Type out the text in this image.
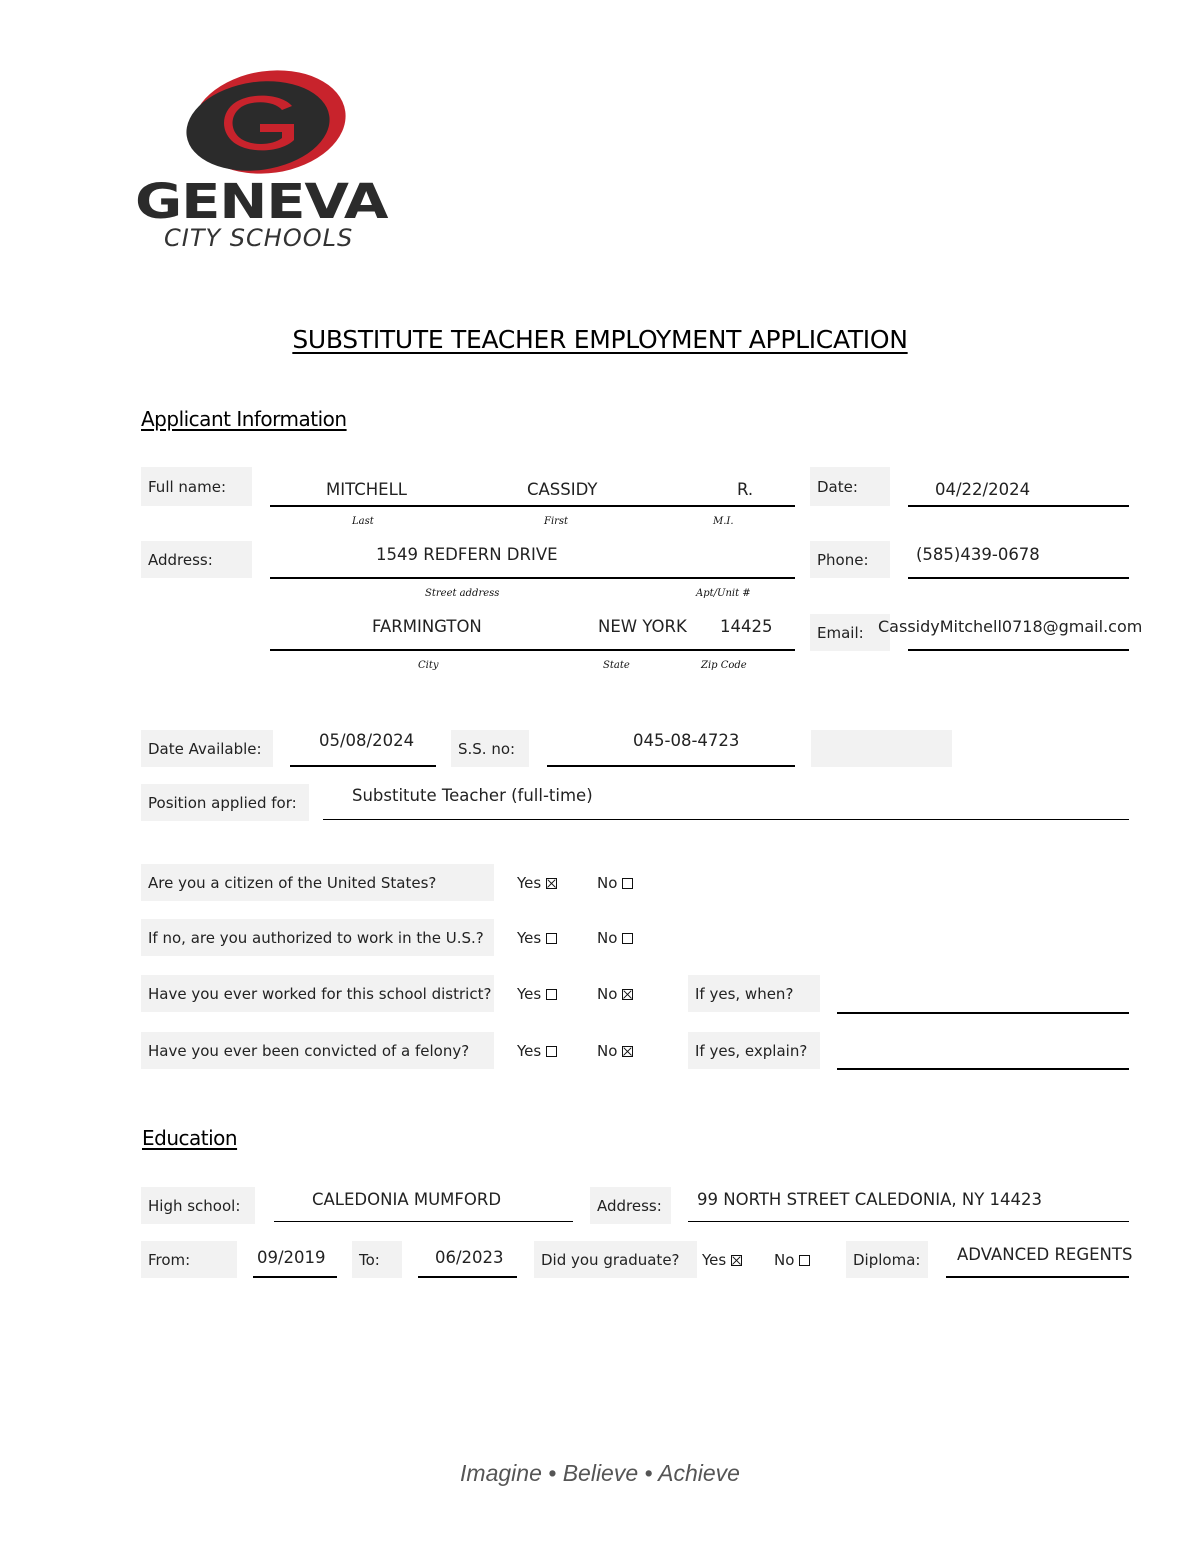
GENEVA
CITY SCHOOLS
SUBSTITUTE TEACHER EMPLOYMENT APPLICATION
Applicant Information
Full name:	MITCHELL	CASSIDY	R.
Last	First	M.I.
Date:	04/22/2024
Address:	1549 REDFERN DRIVE
Street address	Apt/Unit #
Phone:	(585)439-0678
FARMINGTON	NEW YORK 14425
City	State	Zip Code
Email: CassidyMitchell0718@gmail.com
Date Available:	05/08/2024	S.S. no:	045-08-4723
Position applied for:	Substitute Teacher (full-time)
Are you a citizen of the United States?	Yes	No
If no, are you authorized to work in the U.S.?	Yes	No
Have you ever worked for this school district? Yes	No	If yes, when?
Have you ever been convicted of a felony?	Yes	No	If yes, explain?
Education
High school:	CALEDONIA MUMFORD	Address:	99 NORTH STREET CALEDONIA, NY 14423
From:	09/2019	To:	06/2023	Did you graduate?	Yes	No	Diploma:	ADVANCED REGENTS
Imagine • Believe • Achieve
